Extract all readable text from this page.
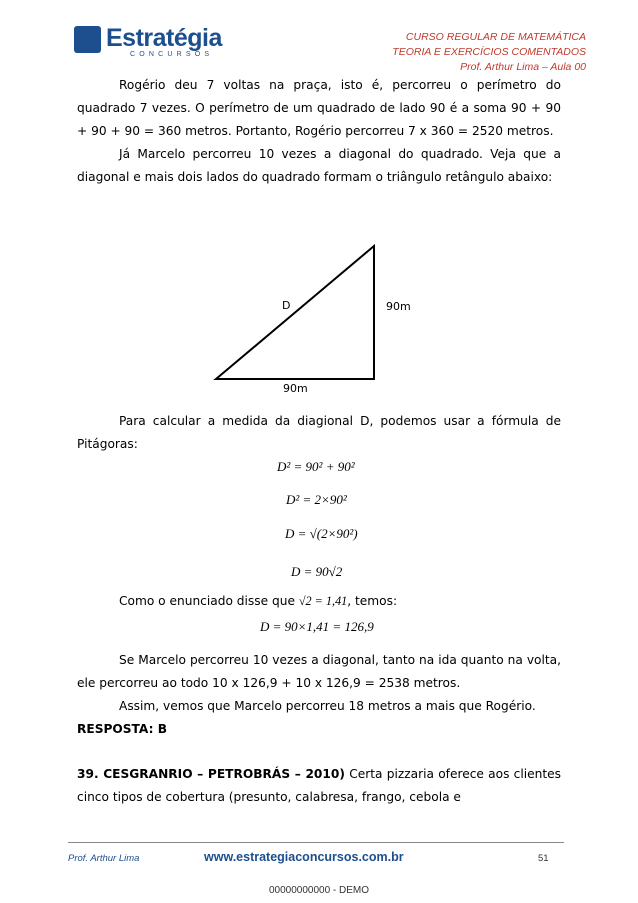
Estratégia
CONCURSOS
CURSO REGULAR DE MATEMÁTICA
TEORIA E EXERCÍCIOS COMENTADOS
Prof. Arthur Lima – Aula 00

Rogério deu 7 voltas na praça, isto é, percorreu o perímetro do quadrado 7 vezes. O perímetro de um quadrado de lado 90 é a soma 90 + 90 + 90 + 90 = 360 metros. Portanto, Rogério percorreu 7 x 360 = 2520 metros.

Já Marcelo percorreu 10 vezes a diagonal do quadrado. Veja que a diagonal e mais dois lados do quadrado formam o triângulo retângulo abaixo:

D	90m
90m

Para calcular a medida da diagional D, podemos usar a fórmula de Pitágoras:

D² = 90² + 90²
D² = 2×90²
D = √(2×90²)
D = 90√2

Como o enunciado disse que √2 = 1,41, temos:

D = 90×1,41 = 126,9

Se Marcelo percorreu 10 vezes a diagonal, tanto na ida quanto na volta, ele percorreu ao todo 10 x 126,9 + 10 x 126,9 = 2538 metros.

Assim, vemos que Marcelo percorreu 18 metros a mais que Rogério.

RESPOSTA: B

39. CESGRANRIO – PETROBRÁS – 2010) Certa pizzaria oferece aos clientes cinco tipos de cobertura (presunto, calabresa, frango, cebola e

Prof. Arthur Lima	www.estrategiaconcursos.com.br	51
00000000000 - DEMO
